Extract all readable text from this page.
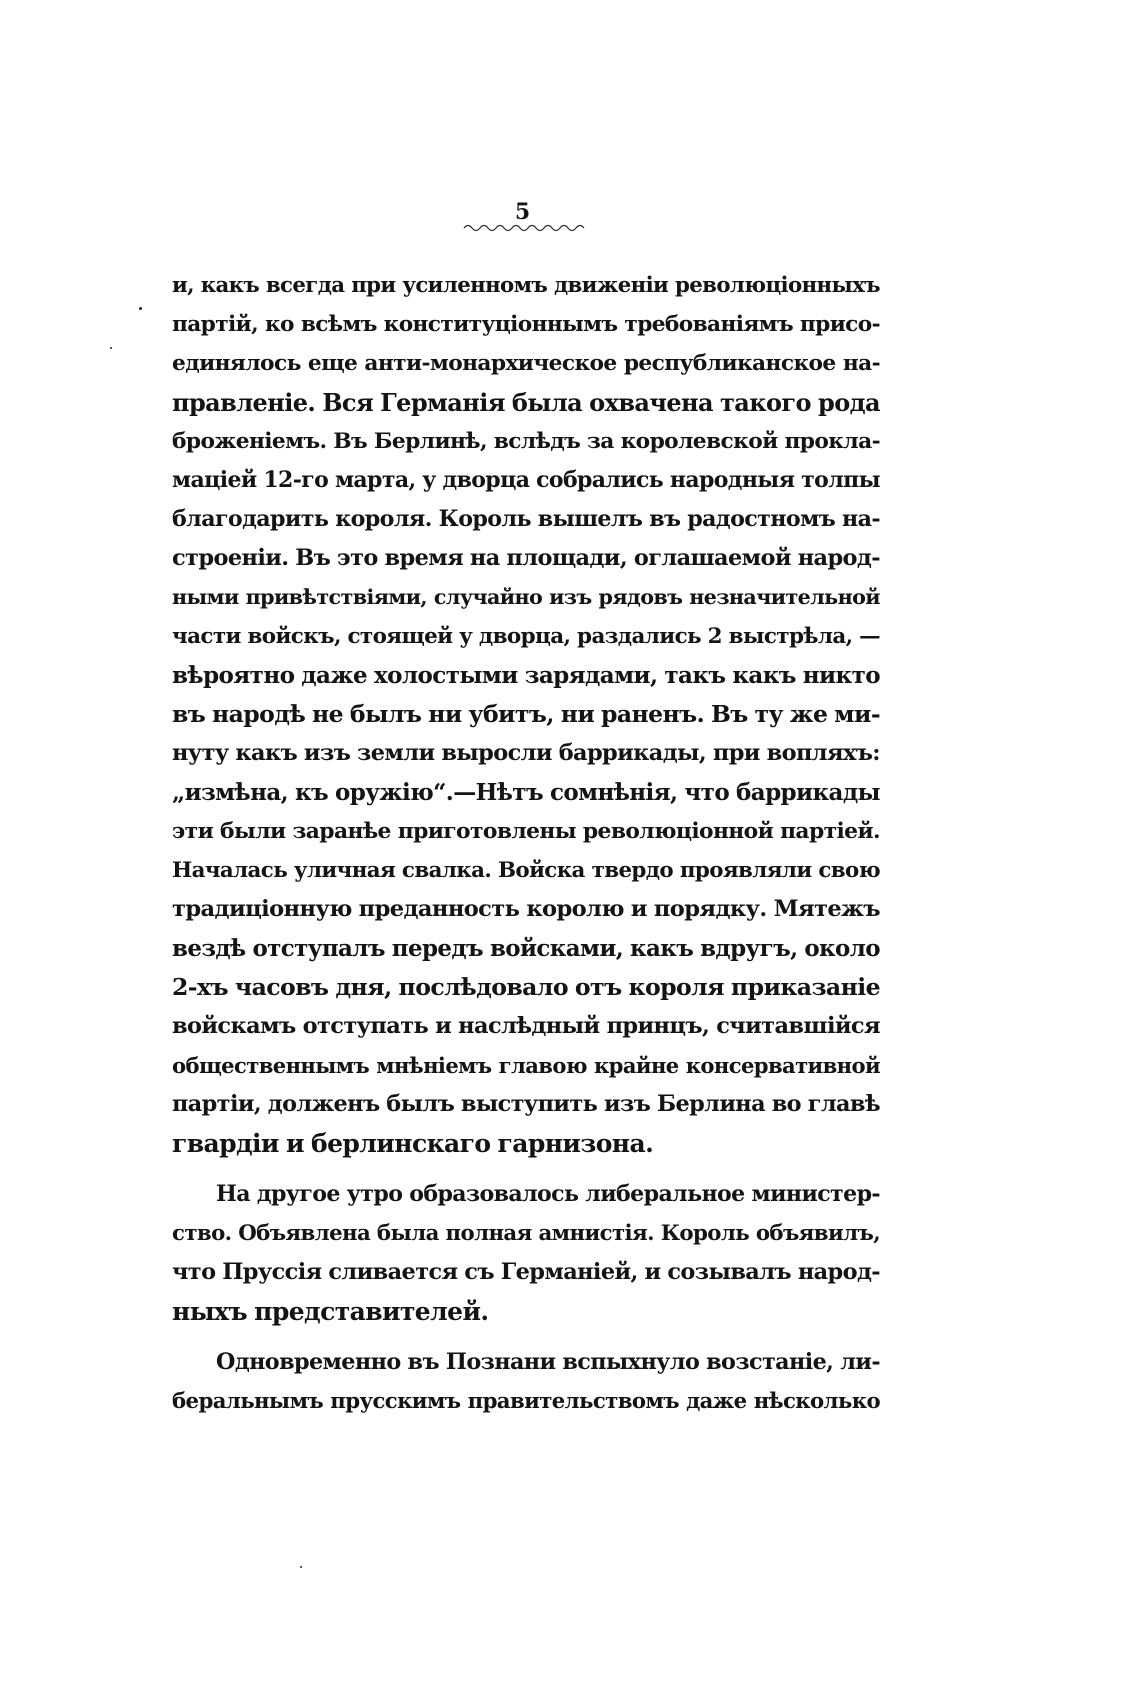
5
и, какъ всегда при усиленномъ движеніи революціонныхъ
партій, ко всѣмъ конституціоннымъ требованіямъ присо-
единялось еще анти-монархическое республиканское на-
правленіе. Вся Германія была охвачена такого рода
броженіемъ. Въ Берлинѣ, вслѣдъ за королевской прокла-
маціей 12-го марта, у дворца собрались народныя толпы
благодарить короля. Король вышелъ въ радостномъ на-
строеніи. Въ это время на площади, оглашаемой народ-
ными привѣтствіями, случайно изъ рядовъ незначительной
части войскъ, стоящей у дворца, раздались 2 выстрѣла, —
вѣроятно даже холостыми зарядами, такъ какъ никто
въ народѣ не былъ ни убитъ, ни раненъ. Въ ту же ми-
нуту какъ изъ земли выросли баррикады, при вопляхъ:
„измѣна, къ оружію“.—Нѣтъ сомнѣнія, что баррикады
эти были заранѣе приготовлены революціонной партіей.
Началась уличная свалка. Войска твердо проявляли свою
традиціонную преданность королю и порядку. Мятежъ
вездѣ отступалъ передъ войсками, какъ вдругъ, около
2-хъ часовъ дня, послѣдовало отъ короля приказаніе
войскамъ отступать и наслѣдный принцъ, считавшійся
общественнымъ мнѣніемъ главою крайне консервативной
партіи, долженъ былъ выступить изъ Берлина во главѣ
гвардіи и берлинскаго гарнизона.
На другое утро образовалось либеральное министер-
ство. Объявлена была полная амнистія. Король объявилъ,
что Пруссія сливается съ Германіей, и созывалъ народ-
ныхъ представителей.
Одновременно въ Познани вспыхнуло возстаніе, ли-
беральнымъ прусскимъ правительствомъ даже нѣсколько
